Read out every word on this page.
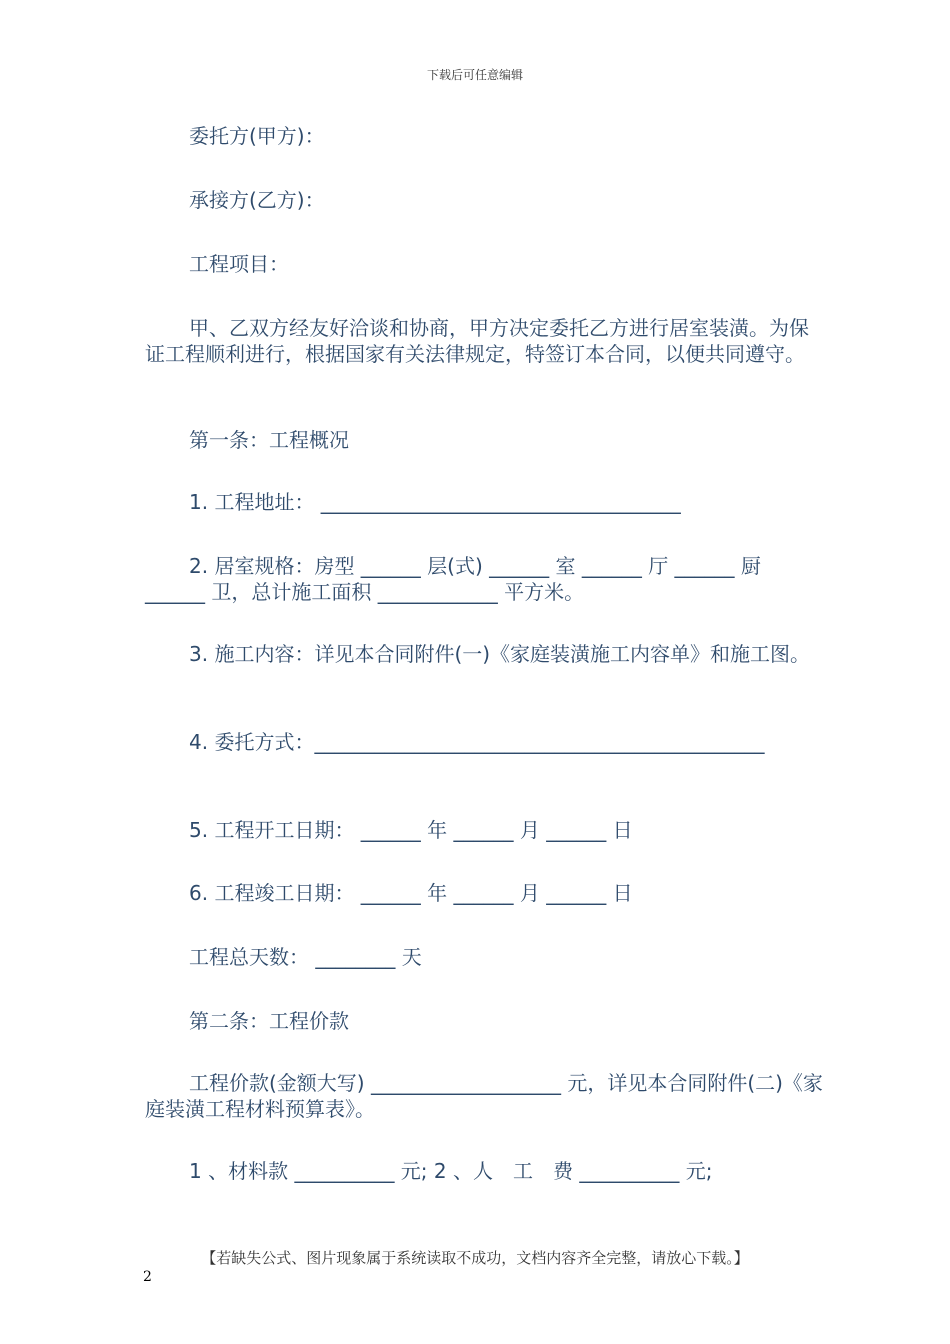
下载后可任意编辑
委托方(甲方)：
承接方(乙方)：
工程项目：
甲、乙双方经友好洽谈和协商，甲方决定委托乙方进行居室装潢。为保证工程顺利进行，根据国家有关法律规定，特签订本合同，以便共同遵守。
第一条：工程概况
1. 工程地址： ____________________________________
2. 居室规格：房型 ______ 层(式) ______ 室 ______ 厅 ______ 厨 ______ 卫，总计施工面积 ____________ 平方米。
3. 施工内容：详见本合同附件(一)《家庭装潢施工内容单》和施工图。
4. 委托方式：_____________________________________________
5. 工程开工日期： ______ 年 ______ 月 ______ 日
6. 工程竣工日期： ______ 年 ______ 月 ______ 日
工程总天数： ________ 天
第二条：工程价款
工程价款(金额大写) ___________________ 元，详见本合同附件(二)《家庭装潢工程材料预算表》。
1 、材料款 __________ 元; 2 、人　工　费 __________ 元;
【若缺失公式、图片现象属于系统读取不成功，文档内容齐全完整，请放心下载。】
2
